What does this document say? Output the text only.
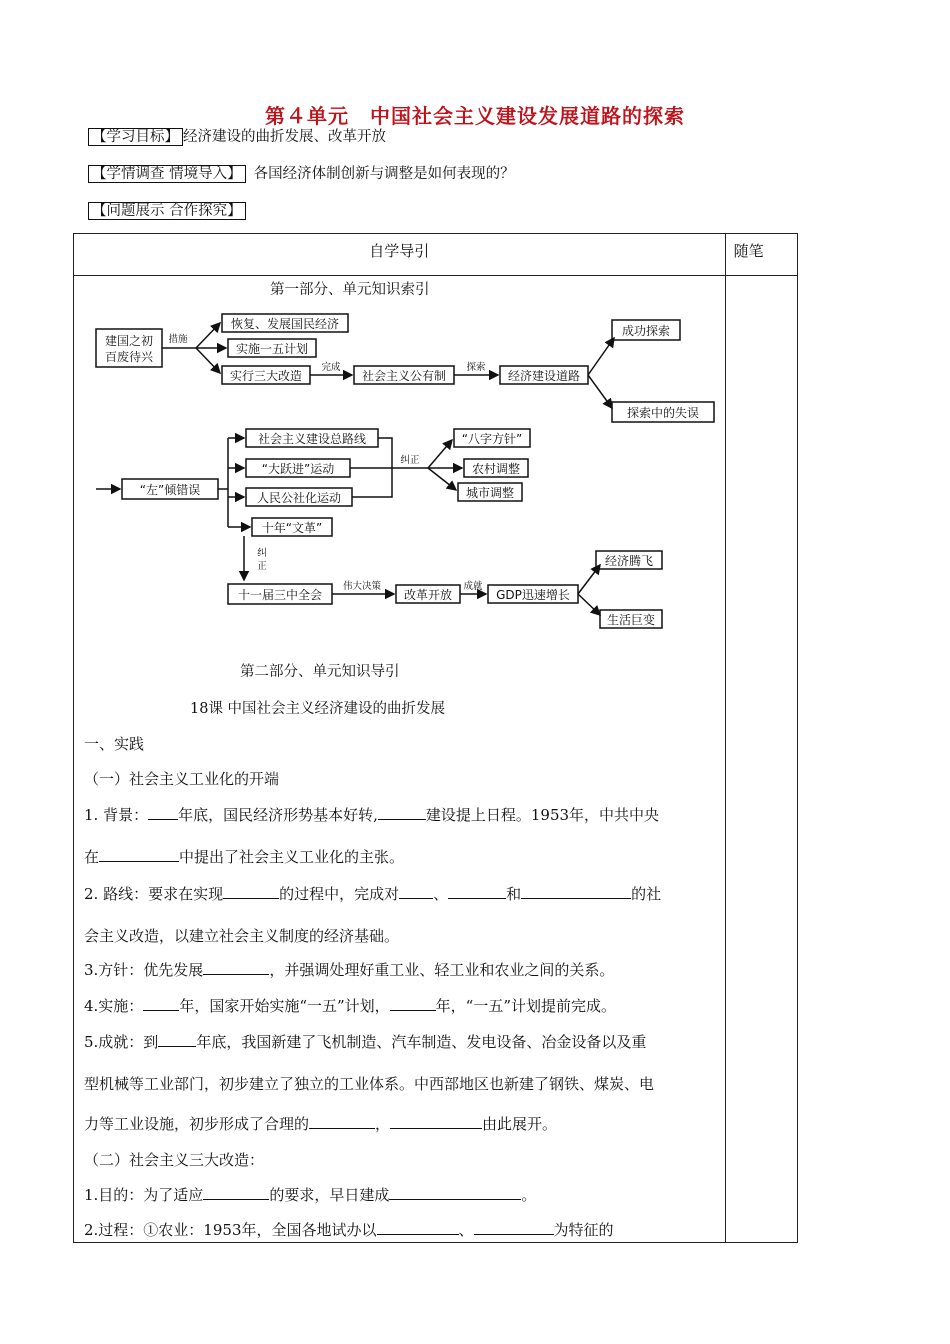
第４单元　中国社会主义建设发展道路的探索
【学习目标】 经济建设的曲折发展、改革开放
【学情调查 情境导入】 各国经济体制创新与调整是如何表现的？
【问题展示 合作探究】
自学导引	随笔

第一部分、单元知识索引
建国之初
百废待兴
措施
恢复、发展国民经济
实施一五计划
实行三大改造
完成
社会主义公有制
探索
经济建设道路
成功探索
探索中的失误
“左”倾错误
社会主义建设总路线
“大跃进”运动
人民公社化运动
纠正
“八字方针”
农村调整
城市调整
十年“文革”
纠
正
十一届三中全会
伟大决策
改革开放
成就
GDP迅速增长
经济腾飞
生活巨变
第二部分、单元知识导引
18课 中国社会主义经济建设的曲折发展
一、实践
（一）社会主义工业化的开端
1. 背景： 年底，国民经济形势基本好转,	建设提上日程。1953年，中共中央
在	中提出了社会主义工业化的主张。
2. 路线：要求在实现	的过程中，完成对 、	和	的社
会主义改造，以建立社会主义制度的经济基础。
3.方针：优先发展	，并强调处理好重工业、轻工业和农业之间的关系。
4.实施： 年，国家开始实施“一五”计划，	年，“一五”计划提前完成。
5.成就：到	年底，我国新建了飞机制造、汽车制造、发电设备、冶金设备以及重
型机械等工业部门，初步建立了独立的工业体系。中西部地区也新建了钢铁、煤炭、电
力等工业设施，初步形成了合理的	，	由此展开。
（二）社会主义三大改造：
1.目的：为了适应	的要求，早日建成	。
2.过程：①农业：1953年，全国各地试办以	、	为特征的
